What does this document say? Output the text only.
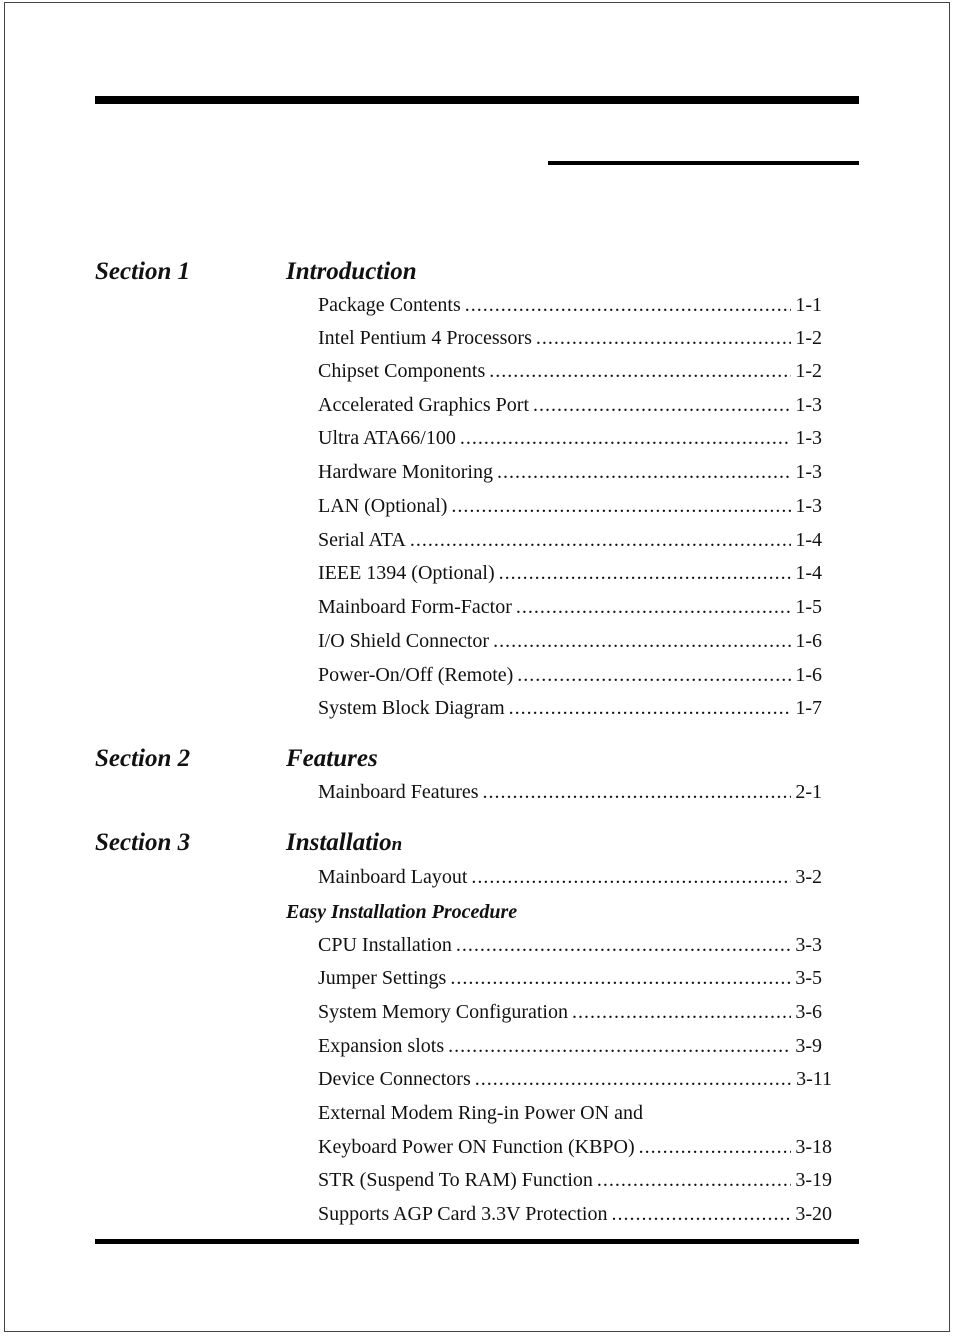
Section 1	Introduction
Package Contents .....	1-1
Intel Pentium 4 Processors .....	1-2
Chipset Components .....	1-2
Accelerated Graphics Port .....	1-3
Ultra ATA66/100 .....	1-3
Hardware Monitoring .....	1-3
LAN (Optional) .....	1-3
Serial ATA .....	1-4
IEEE 1394 (Optional) .....	1-4
Mainboard Form-Factor .....	1-5
I/O Shield Connector .....	1-6
Power-On/Off (Remote) .....	1-6
System Block Diagram .....	1-7
Section 2	Features
Mainboard Features .....	2-1
Section 3	Installation
Mainboard Layout .....	3-2
Easy Installation Procedure
CPU Installation .....	3-3
Jumper Settings .....	3-5
System Memory Configuration .....	3-6
Expansion slots .....	3-9
Device Connectors .....	3-11
External Modem Ring-in Power ON and
Keyboard Power ON Function (KBPO) .....	3-18
STR (Suspend To RAM) Function .....	3-19
Supports AGP Card 3.3V Protection .....	3-20
